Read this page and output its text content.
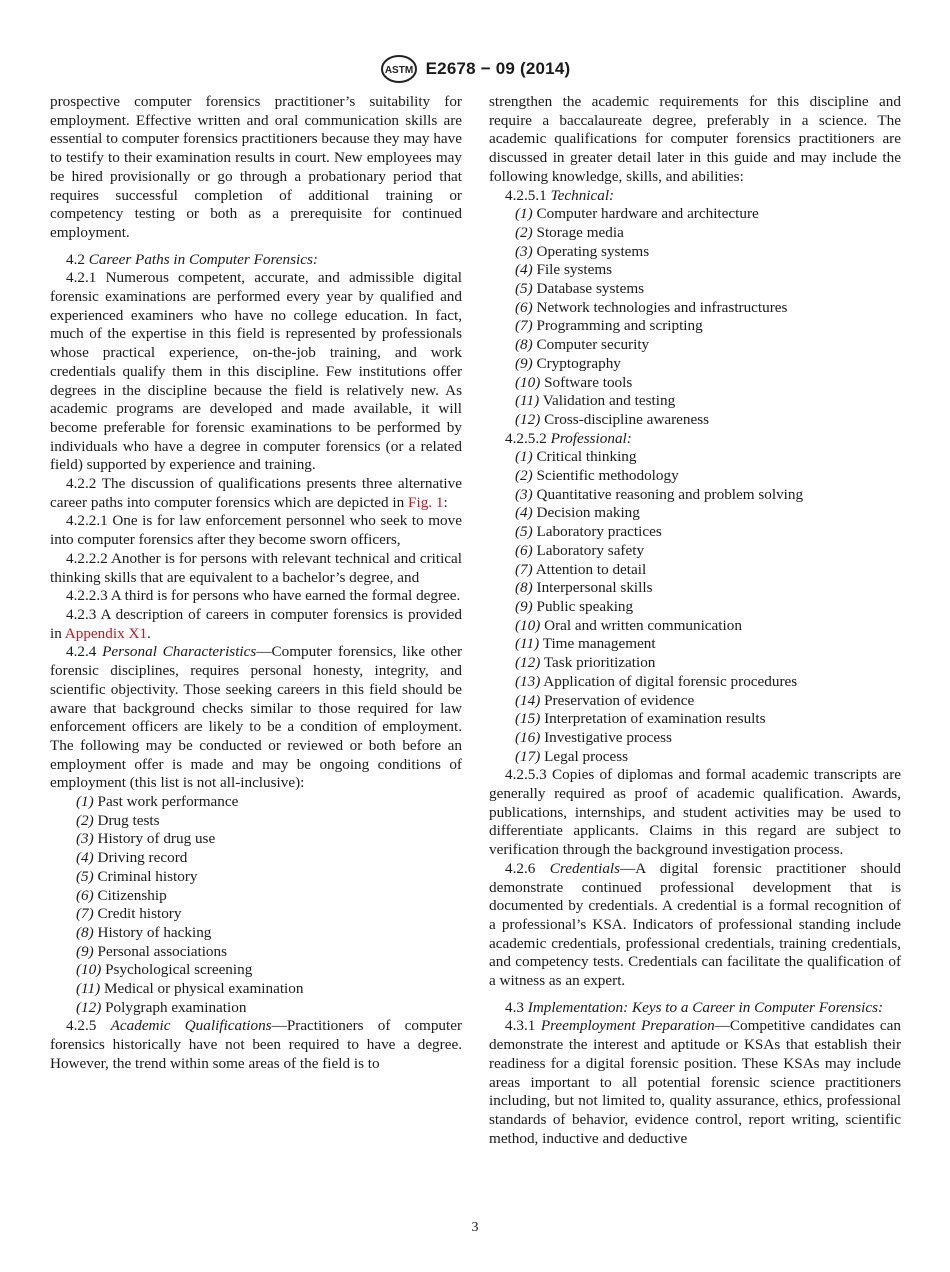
ASTM E2678 − 09 (2014)

prospective computer forensics practitioner’s suitability for employment. Effective written and oral communication skills are essential to computer forensics practitioners because they may have to testify to their examination results in court. New employees may be hired provisionally or go through a probationary period that requires successful completion of additional training or competency testing or both as a prerequisite for continued employment.

4.2 Career Paths in Computer Forensics:

4.2.1 Numerous competent, accurate, and admissible digital forensic examinations are performed every year by qualified and experienced examiners who have no college education. In fact, much of the expertise in this field is represented by professionals whose practical experience, on-the-job training, and work credentials qualify them in this discipline. Few institutions offer degrees in the discipline because the field is relatively new. As academic programs are developed and made available, it will become preferable for forensic examinations to be performed by individuals who have a degree in computer forensics (or a related field) supported by experience and training.

4.2.2 The discussion of qualifications presents three alternative career paths into computer forensics which are depicted in Fig. 1:

4.2.2.1 One is for law enforcement personnel who seek to move into computer forensics after they become sworn officers,

4.2.2.2 Another is for persons with relevant technical and critical thinking skills that are equivalent to a bachelor’s degree, and

4.2.2.3 A third is for persons who have earned the formal degree.

4.2.3 A description of careers in computer forensics is provided in Appendix X1.

4.2.4 Personal Characteristics—Computer forensics, like other forensic disciplines, requires personal honesty, integrity, and scientific objectivity. Those seeking careers in this field should be aware that background checks similar to those required for law enforcement officers are likely to be a condition of employment. The following may be conducted or reviewed or both before an employment offer is made and may be ongoing conditions of employment (this list is not all-inclusive):

(1) Past work performance

(2) Drug tests

(3) History of drug use

(4) Driving record

(5) Criminal history

(6) Citizenship

(7) Credit history

(8) History of hacking

(9) Personal associations

(10) Psychological screening

(11) Medical or physical examination

(12) Polygraph examination

4.2.5 Academic Qualifications—Practitioners of computer forensics historically have not been required to have a degree. However, the trend within some areas of the field is to

strengthen the academic requirements for this discipline and require a baccalaureate degree, preferably in a science. The academic qualifications for computer forensics practitioners are discussed in greater detail later in this guide and may include the following knowledge, skills, and abilities:

4.2.5.1 Technical:

(1) Computer hardware and architecture

(2) Storage media

(3) Operating systems

(4) File systems

(5) Database systems

(6) Network technologies and infrastructures

(7) Programming and scripting

(8) Computer security

(9) Cryptography

(10) Software tools

(11) Validation and testing

(12) Cross-discipline awareness

4.2.5.2 Professional:

(1) Critical thinking

(2) Scientific methodology

(3) Quantitative reasoning and problem solving

(4) Decision making

(5) Laboratory practices

(6) Laboratory safety

(7) Attention to detail

(8) Interpersonal skills

(9) Public speaking

(10) Oral and written communication

(11) Time management

(12) Task prioritization

(13) Application of digital forensic procedures

(14) Preservation of evidence

(15) Interpretation of examination results

(16) Investigative process

(17) Legal process

4.2.5.3 Copies of diplomas and formal academic transcripts are generally required as proof of academic qualification. Awards, publications, internships, and student activities may be used to differentiate applicants. Claims in this regard are subject to verification through the background investigation process.

4.2.6 Credentials—A digital forensic practitioner should demonstrate continued professional development that is documented by credentials. A credential is a formal recognition of a professional’s KSA. Indicators of professional standing include academic credentials, professional credentials, training credentials, and competency tests. Credentials can facilitate the qualification of a witness as an expert.

4.3 Implementation: Keys to a Career in Computer Forensics:

4.3.1 Preemployment Preparation—Competitive candidates can demonstrate the interest and aptitude or KSAs that establish their readiness for a digital forensic position. These KSAs may include areas important to all potential forensic science practitioners including, but not limited to, quality assurance, ethics, professional standards of behavior, evidence control, report writing, scientific method, inductive and deductive

3
